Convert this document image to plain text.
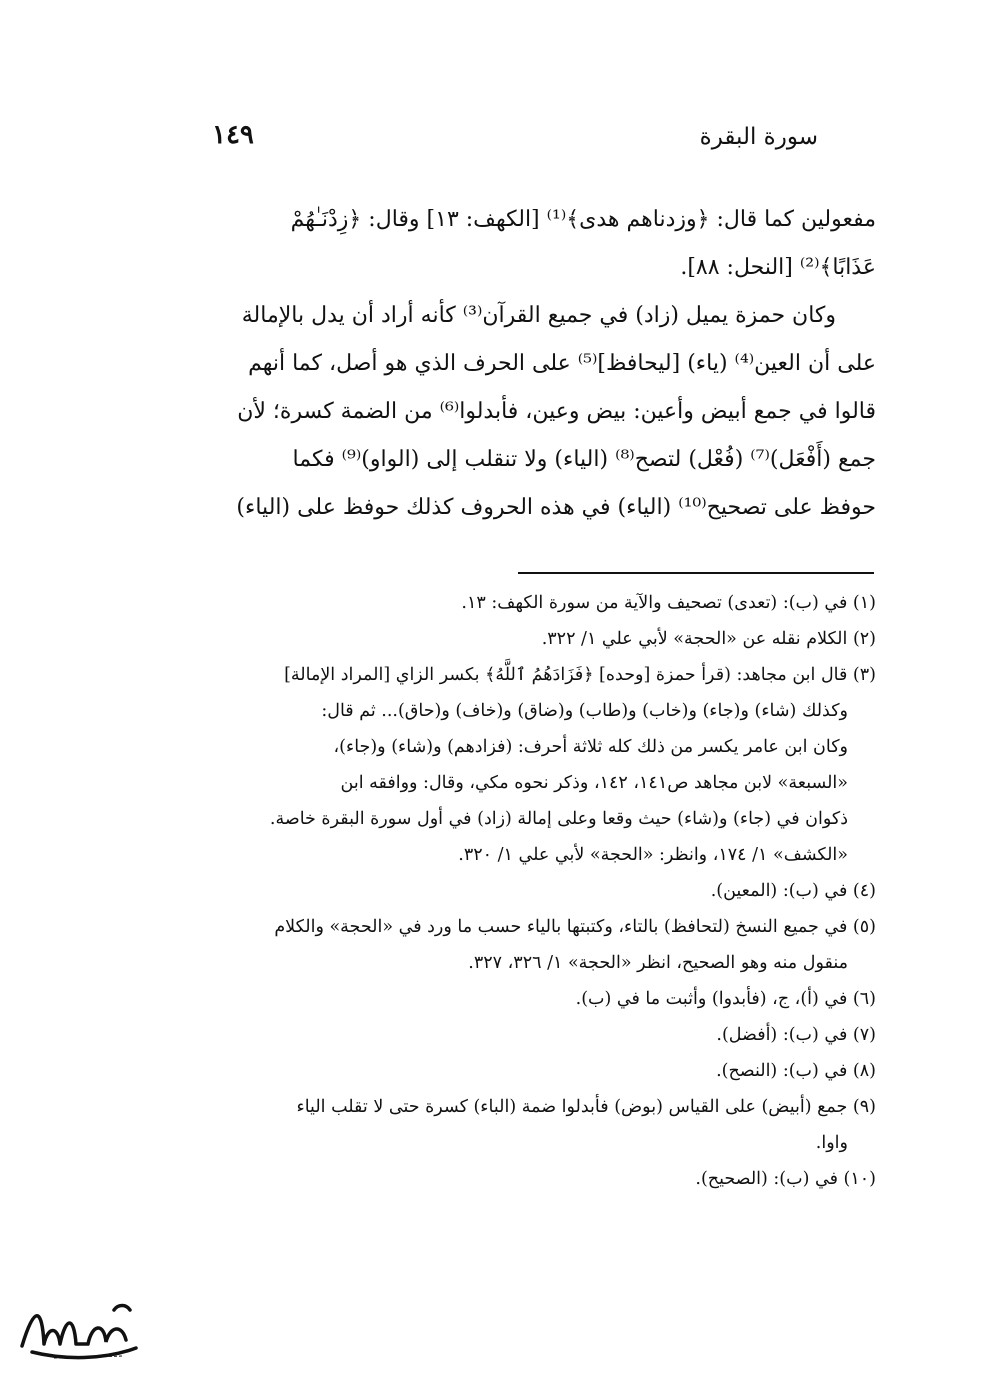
سورة البقرة
١٤٩
مفعولين كما قال: ﴿وزدناهم هدى﴾⁽¹⁾ [الكهف: ١٣] وقال: ﴿زِدْنَـٰهُمْ
عَذَابًا﴾⁽²⁾ [النحل: ٨٨].
وكان حمزة يميل (زاد) في جميع القرآن⁽³⁾ كأنه أراد أن يدل بالإمالة
على أن العين⁽⁴⁾ (ياء) [ليحافظ]⁽⁵⁾ على الحرف الذي هو أصل، كما أنهم
قالوا في جمع أبيض وأعين: بيض وعين، فأبدلوا⁽⁶⁾ من الضمة كسرة؛ لأن
جمع (أَفْعَل)⁽⁷⁾ (فُعْل) لتصح⁽⁸⁾ (الياء) ولا تنقلب إلى (الواو)⁽⁹⁾ فكما
حوفظ على تصحيح⁽¹⁰⁾ (الياء) في هذه الحروف كذلك حوفظ على (الياء)
(١) في (ب): (تعدى) تصحيف والآية من سورة الكهف: ١٣.
(٢) الكلام نقله عن «الحجة» لأبي علي ١/ ٣٢٢.
(٣) قال ابن مجاهد: (قرأ حمزة [وحده] ﴿فَزَادَهُمُ ٱللَّهُ﴾ بكسر الزاي [المراد الإمالة]
وكذلك (شاء) و(جاء) و(خاب) و(طاب) و(ضاق) و(خاف) و(حاق)... ثم قال:
وكان ابن عامر يكسر من ذلك كله ثلاثة أحرف: (فزادهم) و(شاء) و(جاء)،
«السبعة» لابن مجاهد ص١٤١، ١٤٢، وذكر نحوه مكي، وقال: ووافقه ابن
ذكوان في (جاء) و(شاء) حيث وقعا وعلى إمالة (زاد) في أول سورة البقرة خاصة.
«الكشف» ١/ ١٧٤، وانظر: «الحجة» لأبي علي ١/ ٣٢٠.
(٤) في (ب): (المعين).
(٥) في جميع النسخ (لتحافظ) بالتاء، وكتبتها بالياء حسب ما ورد في «الحجة» والكلام
منقول منه وهو الصحيح، انظر «الحجة» ١/ ٣٢٦، ٣٢٧.
(٦) في (أ)، ج، (فأبدوا) وأثبت ما في (ب).
(٧) في (ب): (أفضل).
(٨) في (ب): (النصح).
(٩) جمع (أبيض) على القياس (بوض) فأبدلوا ضمة (الباء) كسرة حتى لا تقلب الياء
واوا.
(١٠) في (ب): (الصحيح).
